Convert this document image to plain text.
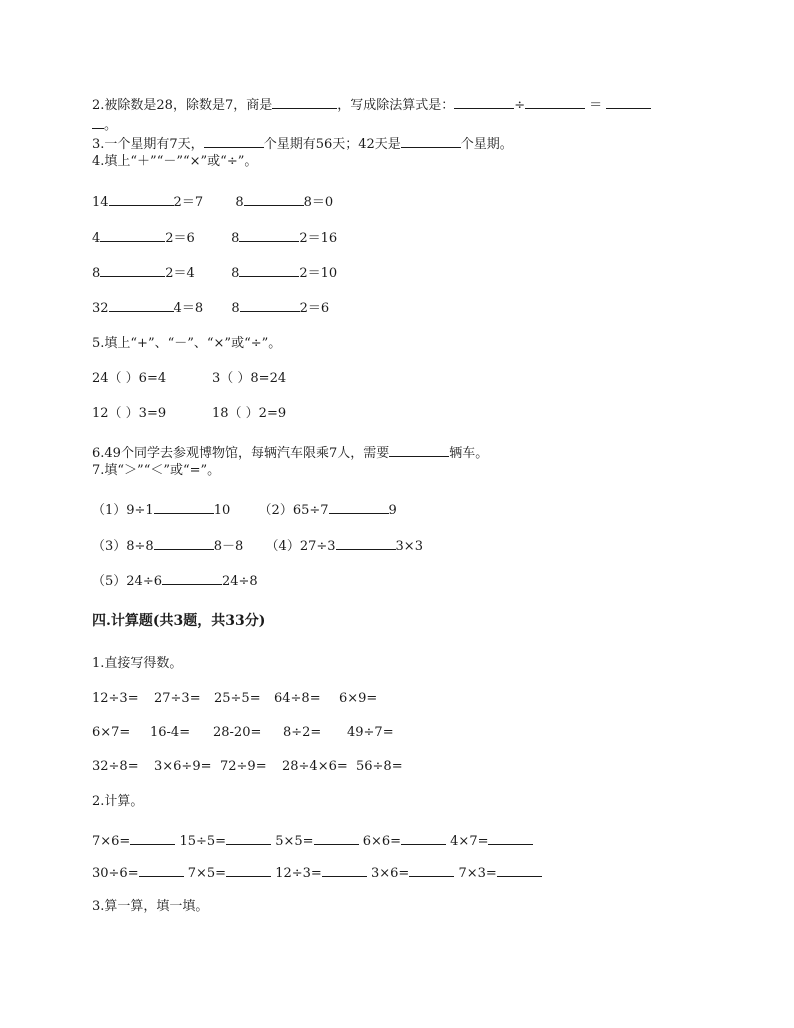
2.被除数是28，除数是7，商是	，写成除法算式是：	÷	＝
。
3.一个星期有7天，	个星期有56天；42天是	个星期。
4.填上“＋”“－”“×”或“÷”。
14	2＝7 8	8＝0
4	2＝6	8	2＝16
8	2＝4	8	2＝10
32	4＝8 8	2＝6
5.填上“+”、“－”、“×”或“÷”。
24（ ）6=4	3（ ）8=24
12（ ）3=9	18（ ）2=9
6.49个同学去参观博物馆，每辆汽车限乘7人，需要	辆车。
7.填“＞”“＜”或“=”。
（1）9÷1	10 （2）65÷7	9
（3）8÷8	8－8 （4）27÷3	3×3
（5）24÷6	24÷8
四.计算题(共3题，共33分)
1.直接写得数。
12÷3= 27÷3= 25÷5= 64÷8= 6×9=
6×7= 16-4= 28-20= 8÷2= 49÷7=
32÷8= 3×6÷9= 72÷9= 28÷4×6= 56÷8=
2.计算。
7×6=	15÷5=	5×5=	6×6=	4×7=
30÷6=	7×5=	12÷3=	3×6=	7×3=
3.算一算，填一填。
